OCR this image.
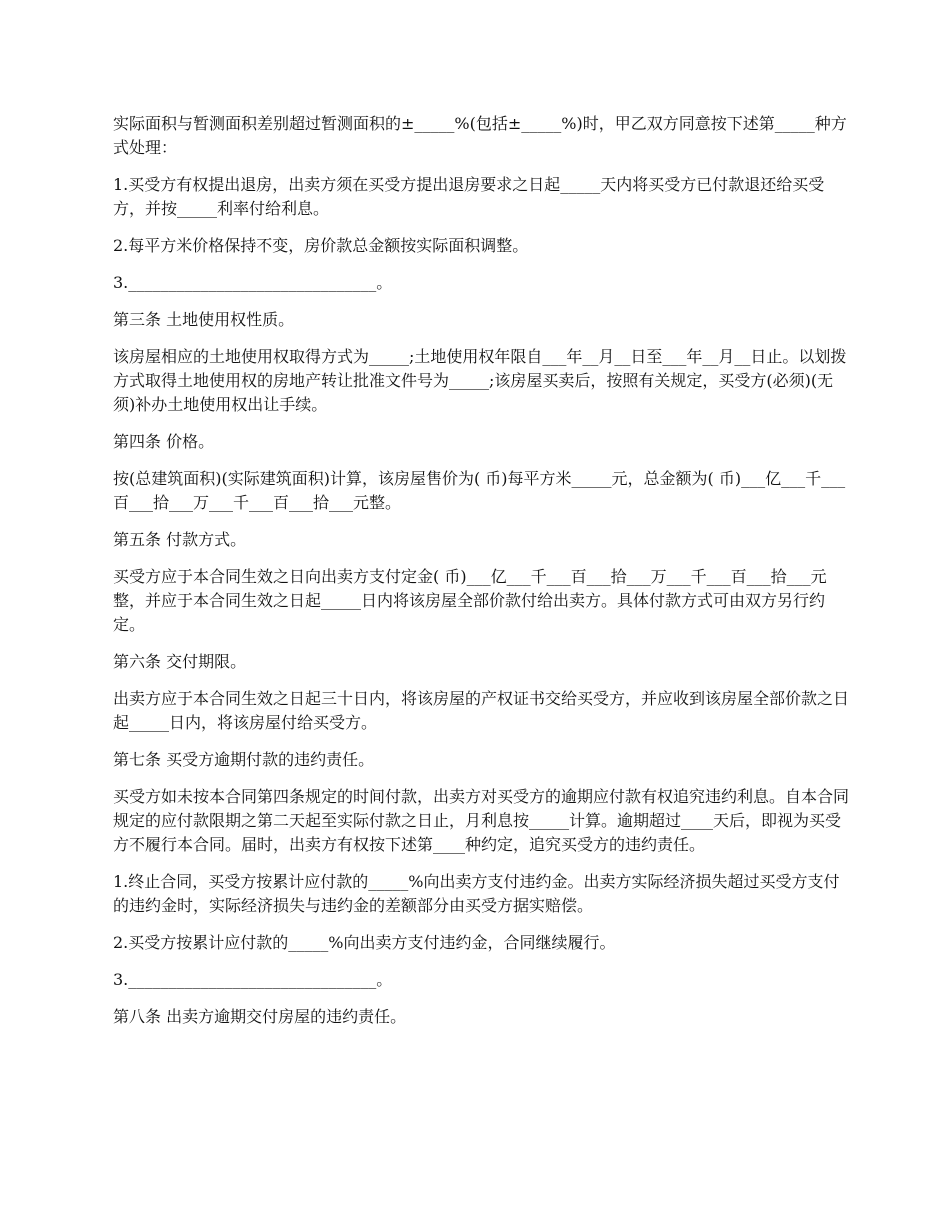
实际面积与暂测面积差别超过暂测面积的±_____%(包括±_____%)时，甲乙双方同意按下述第_____种方式处理：

1.买受方有权提出退房，出卖方须在买受方提出退房要求之日起_____天内将买受方已付款退还给买受方，并按_____利率付给利息。

2.每平方米价格保持不变，房价款总金额按实际面积调整。

3._______________________________。

第三条 土地使用权性质。

该房屋相应的土地使用权取得方式为_____;土地使用权年限自___年__月__日至___年__月__日止。以划拨方式取得土地使用权的房地产转让批准文件号为_____;该房屋买卖后，按照有关规定，买受方(必须)(无须)补办土地使用权出让手续。

第四条 价格。

按(总建筑面积)(实际建筑面积)计算，该房屋售价为( 币)每平方米_____元，总金额为( 币)___亿___千___百___拾___万___千___百___拾___元整。

第五条 付款方式。

买受方应于本合同生效之日向出卖方支付定金( 币)___亿___千___百___拾___万___千___百___拾___元整，并应于本合同生效之日起_____日内将该房屋全部价款付给出卖方。具体付款方式可由双方另行约定。

第六条 交付期限。

出卖方应于本合同生效之日起三十日内，将该房屋的产权证书交给买受方，并应收到该房屋全部价款之日起_____日内，将该房屋付给买受方。

第七条 买受方逾期付款的违约责任。

买受方如未按本合同第四条规定的时间付款，出卖方对买受方的逾期应付款有权追究违约利息。自本合同规定的应付款限期之第二天起至实际付款之日止，月利息按_____计算。逾期超过____天后，即视为买受方不履行本合同。届时，出卖方有权按下述第____种约定，追究买受方的违约责任。

1.终止合同，买受方按累计应付款的_____%向出卖方支付违约金。出卖方实际经济损失超过买受方支付的违约金时，实际经济损失与违约金的差额部分由买受方据实赔偿。

2.买受方按累计应付款的_____%向出卖方支付违约金，合同继续履行。

3._______________________________。

第八条 出卖方逾期交付房屋的违约责任。
